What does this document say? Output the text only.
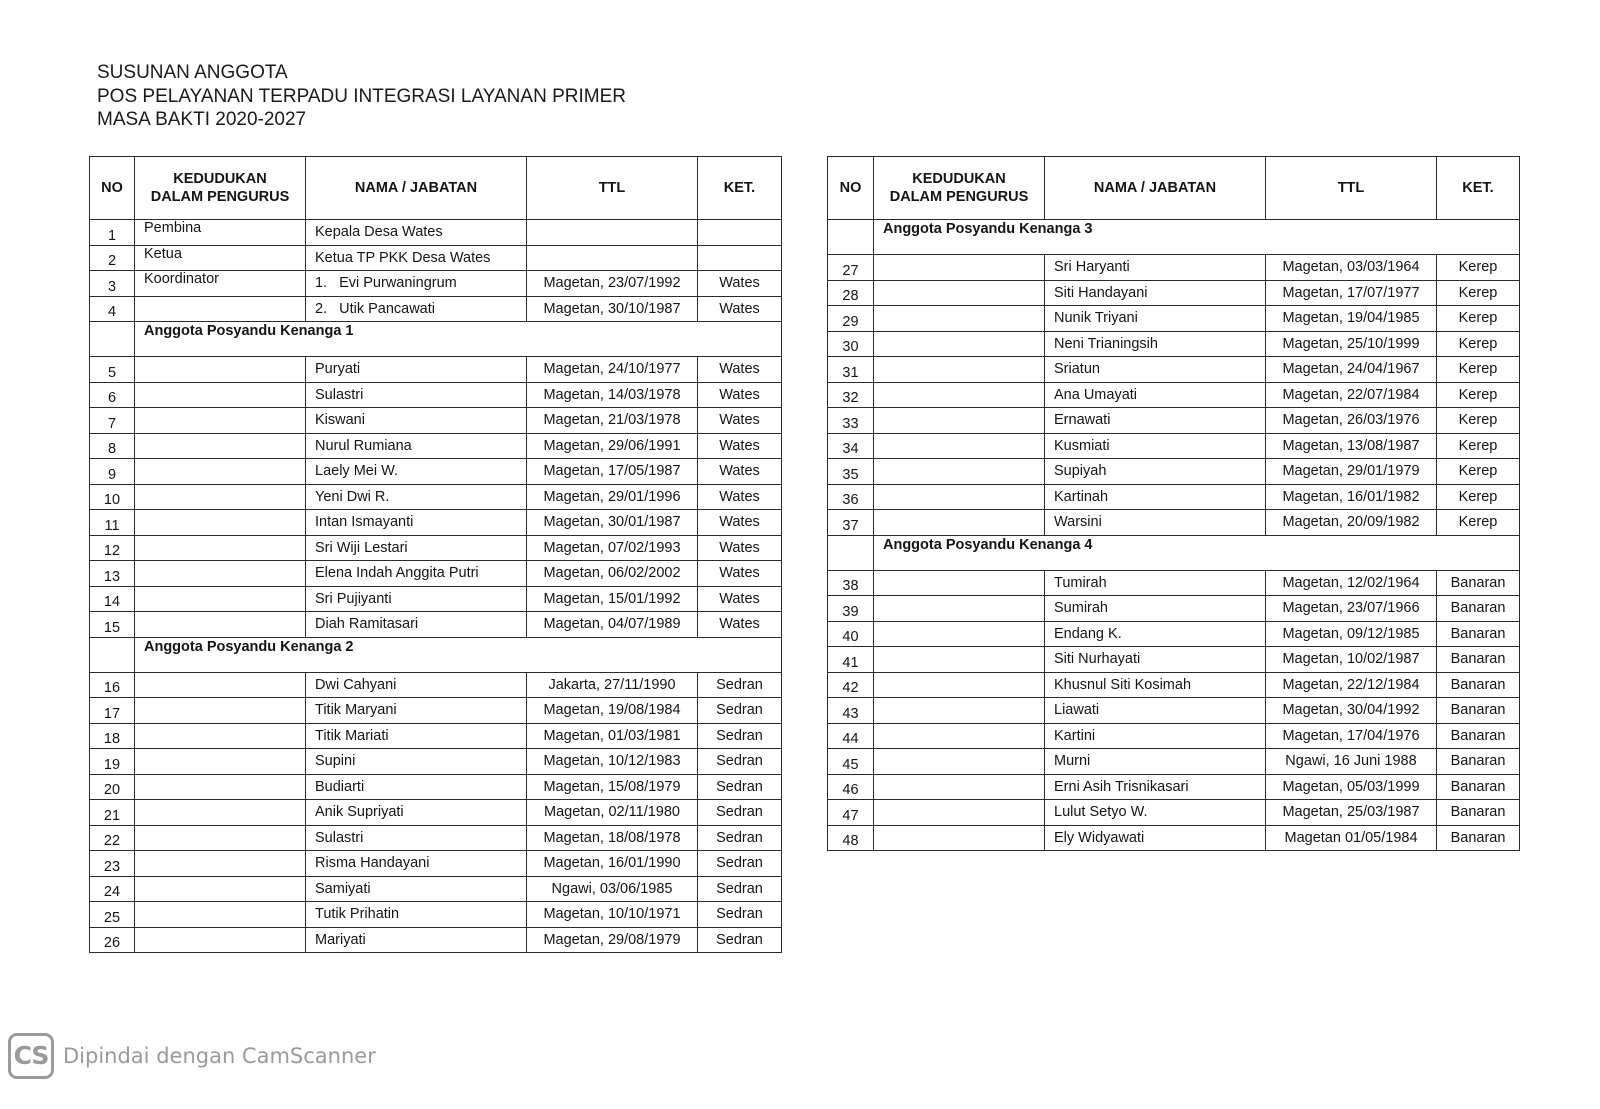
SUSUNAN ANGGOTA
POS PELAYANAN TERPADU INTEGRASI LAYANAN PRIMER
MASA BAKTI 2020-2027
NO	KEDUDUKAN
DALAM PENGURUS	NAMA / JABATAN	TTL	KET.
1	Pembina	Kepala Desa Wates		
2	Ketua	Ketua TP PKK Desa Wates		
3	Koordinator	1. Evi Purwaningrum	Magetan, 23/07/1992	Wates
4		2. Utik Pancawati	Magetan, 30/10/1987	Wates
	Anggota Posyandu Kenanga 1			
5		Puryati	Magetan, 24/10/1977	Wates
6		Sulastri	Magetan, 14/03/1978	Wates
7		Kiswani	Magetan, 21/03/1978	Wates
8		Nurul Rumiana	Magetan, 29/06/1991	Wates
9		Laely Mei W.	Magetan, 17/05/1987	Wates
10		Yeni Dwi R.	Magetan, 29/01/1996	Wates
11		Intan Ismayanti	Magetan, 30/01/1987	Wates
12		Sri Wiji Lestari	Magetan, 07/02/1993	Wates
13		Elena Indah Anggita Putri	Magetan, 06/02/2002	Wates
14		Sri Pujiyanti	Magetan, 15/01/1992	Wates
15		Diah Ramitasari	Magetan, 04/07/1989	Wates
	Anggota Posyandu Kenanga 2			
16		Dwi Cahyani	Jakarta, 27/11/1990	Sedran
17		Titik Maryani	Magetan, 19/08/1984	Sedran
18		Titik Mariati	Magetan, 01/03/1981	Sedran
19		Supini	Magetan, 10/12/1983	Sedran
20		Budiarti	Magetan, 15/08/1979	Sedran
21		Anik Supriyati	Magetan, 02/11/1980	Sedran
22		Sulastri	Magetan, 18/08/1978	Sedran
23		Risma Handayani	Magetan, 16/01/1990	Sedran
24		Samiyati	Ngawi, 03/06/1985	Sedran
25		Tutik Prihatin	Magetan, 10/10/1971	Sedran
26		Mariyati	Magetan, 29/08/1979	Sedran
NO	KEDUDUKAN
DALAM PENGURUS	NAMA / JABATAN	TTL	KET.
	Anggota Posyandu Kenanga 3			
27		Sri Haryanti	Magetan, 03/03/1964	Kerep
28		Siti Handayani	Magetan, 17/07/1977	Kerep
29		Nunik Triyani	Magetan, 19/04/1985	Kerep
30		Neni Trianingsih	Magetan, 25/10/1999	Kerep
31		Sriatun	Magetan, 24/04/1967	Kerep
32		Ana Umayati	Magetan, 22/07/1984	Kerep
33		Ernawati	Magetan, 26/03/1976	Kerep
34		Kusmiati	Magetan, 13/08/1987	Kerep
35		Supiyah	Magetan, 29/01/1979	Kerep
36		Kartinah	Magetan, 16/01/1982	Kerep
37		Warsini	Magetan, 20/09/1982	Kerep
	Anggota Posyandu Kenanga 4			
38		Tumirah	Magetan, 12/02/1964	Banaran
39		Sumirah	Magetan, 23/07/1966	Banaran
40		Endang K.	Magetan, 09/12/1985	Banaran
41		Siti Nurhayati	Magetan, 10/02/1987	Banaran
42		Khusnul Siti Kosimah	Magetan, 22/12/1984	Banaran
43		Liawati	Magetan, 30/04/1992	Banaran
44		Kartini	Magetan, 17/04/1976	Banaran
45		Murni	Ngawi, 16 Juni 1988	Banaran
46		Erni Asih Trisnikasari	Magetan, 05/03/1999	Banaran
47		Lulut Setyo W.	Magetan, 25/03/1987	Banaran
48		Ely Widyawati	Magetan 01/05/1984	Banaran
CS Dipindai dengan CamScanner
